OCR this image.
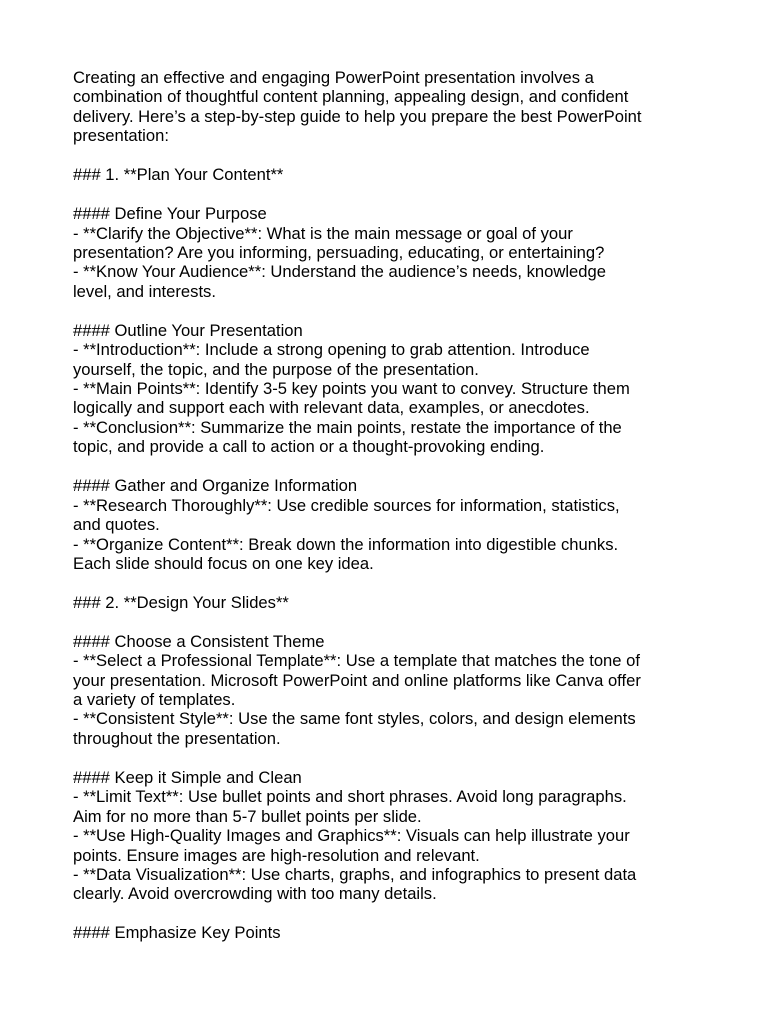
Creating an effective and engaging PowerPoint presentation involves a
combination of thoughtful content planning, appealing design, and confident
delivery. Here’s a step-by-step guide to help you prepare the best PowerPoint
presentation:
### 1. **Plan Your Content**
#### Define Your Purpose
- **Clarify the Objective**: What is the main message or goal of your
presentation? Are you informing, persuading, educating, or entertaining?
- **Know Your Audience**: Understand the audience’s needs, knowledge
level, and interests.
#### Outline Your Presentation
- **Introduction**: Include a strong opening to grab attention. Introduce
yourself, the topic, and the purpose of the presentation.
- **Main Points**: Identify 3-5 key points you want to convey. Structure them
logically and support each with relevant data, examples, or anecdotes.
- **Conclusion**: Summarize the main points, restate the importance of the
topic, and provide a call to action or a thought-provoking ending.
#### Gather and Organize Information
- **Research Thoroughly**: Use credible sources for information, statistics,
and quotes.
- **Organize Content**: Break down the information into digestible chunks.
Each slide should focus on one key idea.
### 2. **Design Your Slides**
#### Choose a Consistent Theme
- **Select a Professional Template**: Use a template that matches the tone of
your presentation. Microsoft PowerPoint and online platforms like Canva offer
a variety of templates.
- **Consistent Style**: Use the same font styles, colors, and design elements
throughout the presentation.
#### Keep it Simple and Clean
- **Limit Text**: Use bullet points and short phrases. Avoid long paragraphs.
Aim for no more than 5-7 bullet points per slide.
- **Use High-Quality Images and Graphics**: Visuals can help illustrate your
points. Ensure images are high-resolution and relevant.
- **Data Visualization**: Use charts, graphs, and infographics to present data
clearly. Avoid overcrowding with too many details.
#### Emphasize Key Points
